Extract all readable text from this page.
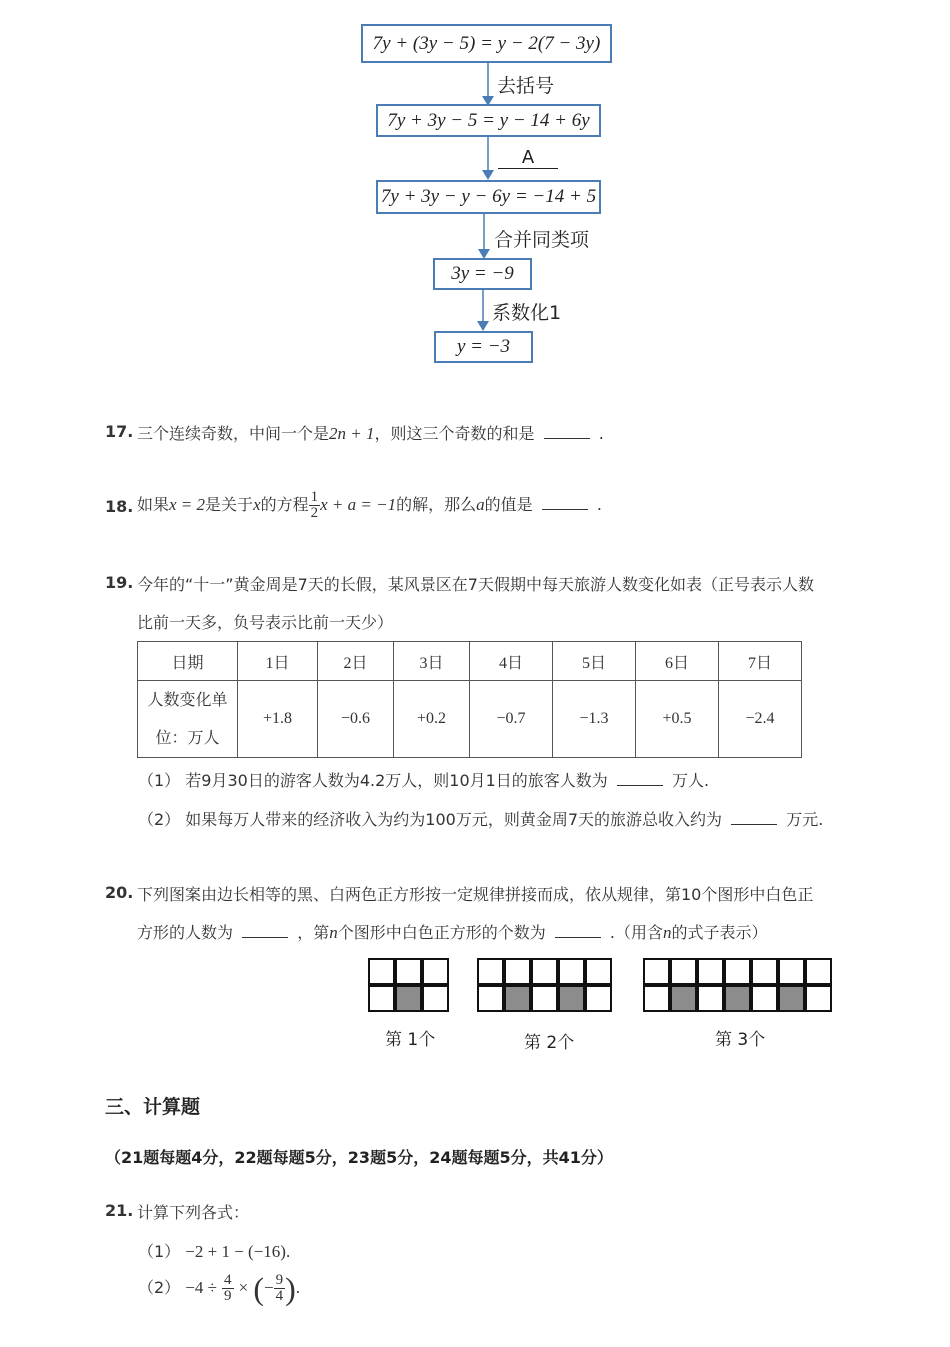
7y + (3y − 5) = y − 2(7 − 3y)
去括号
7y + 3y − 5 = y − 14 + 6y
A
7y + 3y − y − 6y = −14 + 5
合并同类项
3y = −9
系数化1
y = −3
17. 三个连续奇数，中间一个是2n + 1，则这三个奇数的和是	.
18. 如果x = 2是关于x的方程 $\frac{1}{2}$ x + a = −1的解，那么a的值是	.
19. 今年的“十一”黄金周是7天的长假，某风景区在7天假期中每天旅游人数变化如表（正号表示人数
比前一天多，负号表示比前一天少）
日期	1日	2日	3日	4日	5日	6日	7日

人数变化单
位：万人	+1.8	−0.6	+0.2	−0.7	−1.3	+0.5	−2.4
（1） 若9月30日的游客人数为4.2万人，则10月1日的旅客人数为	万人.
（2） 如果每万人带来的经济收入为约为100万元，则黄金周7天的旅游总收入约为	万元.
20. 下列图案由边长相等的黑、白两色正方形按一定规律拼接而成，依从规律，第10个图形中白色正
方形的人数为	，第n个图形中白色正方形的个数为	.（用含n的式子表示）
第 1个	第 2个	第 3个
三、计算题
（21题每题4分，22题每题5分，23题5分，24题每题5分，共41分）
21. 计算下列各式：
（1） −2 + 1 − (−16).
$(2) -4 \div \frac{4}{9}$ × (− $\frac{9}{4}$ ).
